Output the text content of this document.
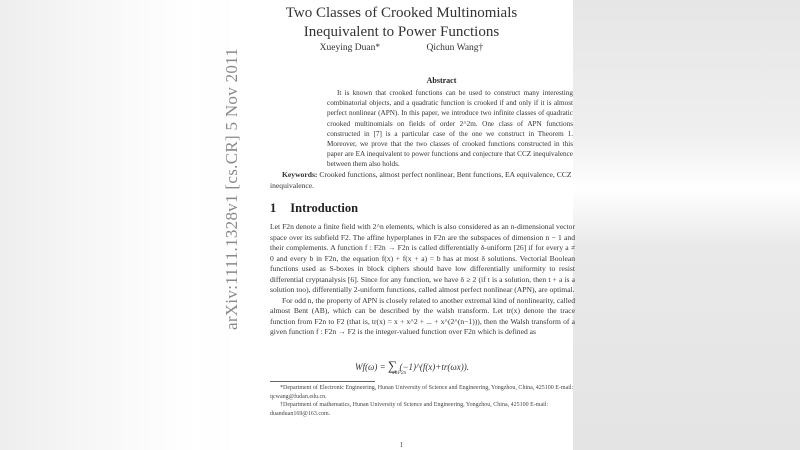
arXiv:1111.1328v1 [cs.CR] 5 Nov 2011
Two Classes of Crooked Multinomials
Inequivalent to Power Functions
Xueying Duan*	Qichun Wang†
Abstract
It is known that crooked functions can be used to construct many interesting combinatorial objects, and a quadratic function is crooked if and only if it is almost perfect nonlinear (APN). In this paper, we introduce two infinite classes of quadratic crooked multinomials on fields of order 2^2m. One class of APN functions constructed in [7] is a particular case of the one we construct in Theorem 1. Moreover, we prove that the two classes of crooked functions constructed in this paper are EA inequivalent to power functions and conjecture that CCZ inequivalence between them also holds.
Keywords: Crooked functions, almost perfect nonlinear, Bent functions, EA equivalence, CCZ inequivalence.
1 Introduction

Let F2n denote a finite field with 2^n elements, which is also considered as an n-dimensional vector space over its subfield F2. The affine hyperplanes in F2n are the subspaces of dimension n − 1 and their complements. A function f : F2n → F2n is called differentially δ-uniform [26] if for every a ≠ 0 and every b in F2n, the equation f(x) + f(x + a) = b has at most δ solutions. Vectorial Boolean functions used as S-boxes in block ciphers should have low differentially uniformity to resist differential cryptanalysis [6]. Since for any function, we have δ ≥ 2 (if t is a solution, then t + a is a solution too), differentially 2-uniform functions, called almost perfect nonlinear (APN), are optimal.

For odd n, the property of APN is closely related to another extremal kind of nonlinearity, called almost Bent (AB), which can be described by the walsh transform. Let tr(x) denote the trace function from F2n to F2 (that is, tr(x) = x + x^2 + ... + x^(2^(n−1))), then the Walsh transform of a given function f : F2n → F2 is the integer-valued function over F2n which is defined as

Wf(ω) = ∑ (−1)^(f(x)+tr(ωx)).
x∈F2n

*Department of Electronic Engineering, Hunan University of Science and Engineering, Yongzhou, China, 425100 E-mail: qcwang@fudan.edu.cn.

†Department of mathematics, Hunan University of Science and Engineering, Yongzhou, China, 425100 E-mail: duanduan169@163.com.

1
